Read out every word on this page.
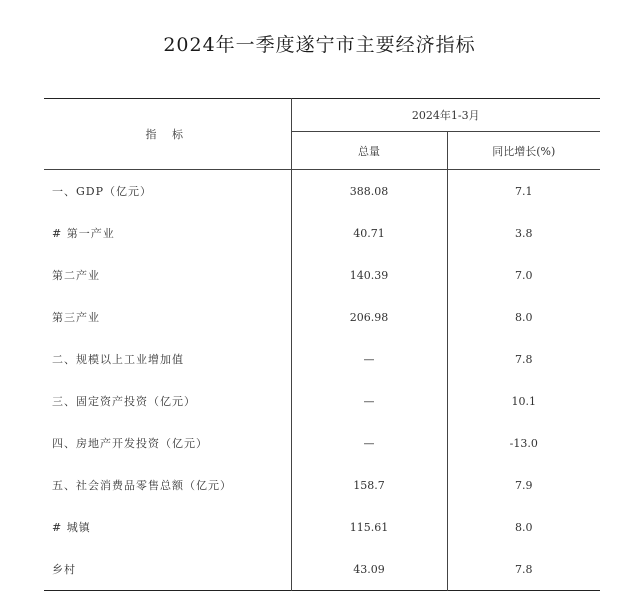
2024年一季度遂宁市主要经济指标
指 标	2024年1-3月	
	总量	同比增长(%)
一、GDP（亿元）	388.08	7.1
# 第一产业	40.71	3.8
第二产业	140.39	7.0
第三产业	206.98	8.0
二、规模以上工业增加值	—	7.8
三、固定资产投资（亿元）	—	10.1
四、房地产开发投资（亿元）	—	-13.0
五、社会消费品零售总额（亿元）	158.7	7.9
# 城镇	115.61	8.0
乡村	43.09	7.8
